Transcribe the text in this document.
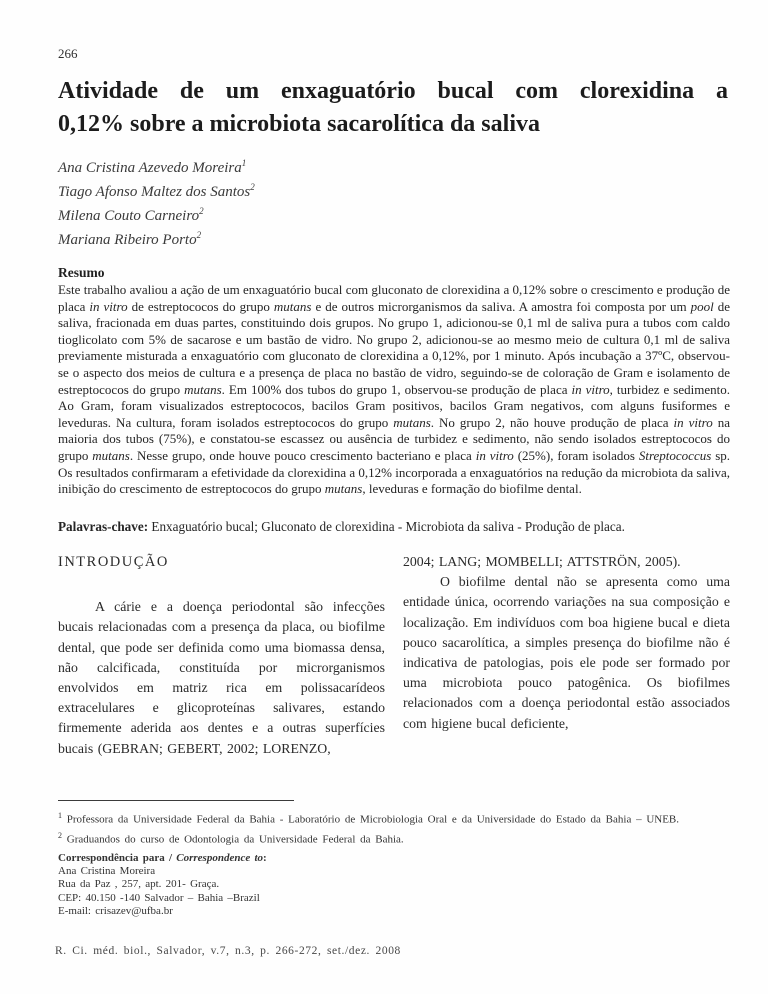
266
Atividade de um enxaguatório bucal com clorexidina a
0,12% sobre a microbiota sacarolítica da saliva
Ana Cristina Azevedo Moreira$^1$
Tiago Afonso Maltez dos Santos$^2$
Milena Couto Carneiro$^2$
Mariana Ribeiro Porto$^2$
Resumo

Este trabalho avaliou a ação de um enxaguatório bucal com gluconato de clorexidina a 0,12% sobre o crescimento e produção de placa in vitro de estreptococos do grupo mutans e de outros microrganismos da saliva. A amostra foi composta por um pool de saliva, fracionada em duas partes, constituindo dois grupos. No grupo 1, adicionou-se 0,1 ml de saliva pura a tubos com caldo tioglicolato com 5% de sacarose e um bastão de vidro. No grupo 2, adicionou-se ao mesmo meio de cultura 0,1 ml de saliva previamente misturada a enxaguatório com gluconato de clorexidina a 0,12%, por 1 minuto. Após incubação a 37ºC, observou-se o aspecto dos meios de cultura e a presença de placa no bastão de vidro, seguindo-se de coloração de Gram e isolamento de estreptococos do grupo mutans. Em 100% dos tubos do grupo 1, observou-se produção de placa in vitro, turbidez e sedimento. Ao Gram, foram visualizados estreptococos, bacilos Gram positivos, bacilos Gram negativos, com alguns fusiformes e leveduras. Na cultura, foram isolados estreptococos do grupo mutans. No grupo 2, não houve produção de placa in vitro na maioria dos tubos (75%), e constatou-se escassez ou ausência de turbidez e sedimento, não sendo isolados estreptococos do grupo mutans. Nesse grupo, onde houve pouco crescimento bacteriano e placa in vitro (25%), foram isolados Streptococcus sp. Os resultados confirmaram a efetividade da clorexidina a 0,12% incorporada a enxaguatórios na redução da microbiota da saliva, inibição do crescimento de estreptococos do grupo mutans, leveduras e formação do biofilme dental.

Palavras-chave: Enxaguatório bucal; Gluconato de clorexidina - Microbiota da saliva - Produção de placa.
INTRODUÇÃO

A cárie e a doença periodontal são infecções bucais relacionadas com a presença da placa, ou biofilme dental, que pode ser definida como uma biomassa densa, não calcificada, constituída por microrganismos envolvidos em matriz rica em polissacarídeos extracelulares e glicoproteínas salivares, estando firmemente aderida aos dentes e a outras superfícies bucais (GEBRAN; GEBERT, 2002; LORENZO,

2004; LANG; MOMBELLI; ATTSTRÖN, 2005).

O biofilme dental não se apresenta como uma entidade única, ocorrendo variações na sua composição e localização. Em indivíduos com boa higiene bucal e dieta pouco sacarolítica, a simples presença do biofilme não é indicativa de patologias, pois ele pode ser formado por uma microbiota pouco patogênica. Os biofilmes relacionados com a doença periodontal estão associados com higiene bucal deficiente,

$^1$ Professora da Universidade Federal da Bahia - Laboratório de Microbiologia Oral e da Universidade do Estado da Bahia – UNEB.
$^2$ Graduandos do curso de Odontologia da Universidade Federal da Bahia.
Correspondência para / Correspondence to:
Ana Cristina Moreira
Rua da Paz , 257, apt. 201- Graça.
CEP: 40.150 -140 Salvador – Bahia –Brazil
E-mail: crisazev@ufba.br
R. Ci. méd. biol., Salvador, v.7, n.3, p. 266-272, set./dez. 2008
